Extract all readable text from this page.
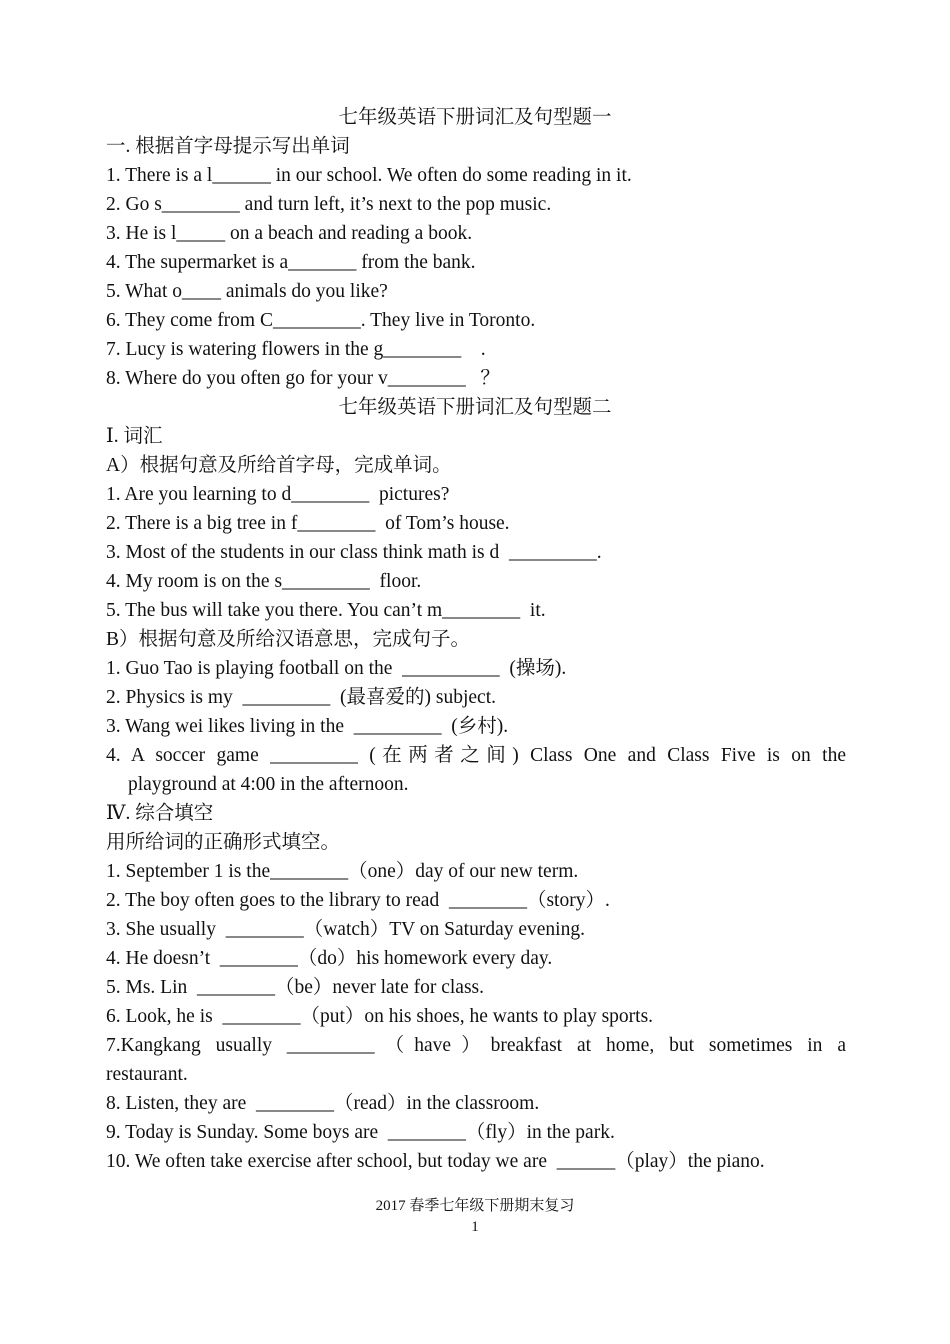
七年级英语下册词汇及句型题一
一. 根据首字母提示写出单词
1. There is a l______ in our school. We often do some reading in it.
2. Go s________ and turn left, it’s next to the pop music.
3. He is l_____ on a beach and reading a book.
4. The supermarket is a_______ from the bank.
5. What o____ animals do you like?
6. They come from C_________. They live in Toronto.
7. Lucy is watering flowers in the g________    .
8. Where do you often go for your v________   ？
七年级英语下册词汇及句型题二
Ⅰ. 词汇
A）根据句意及所给首字母，完成单词。
1. Are you learning to d________  pictures?
2. There is a big tree in f________  of Tom’s house.
3. Most of the students in our class think math is d  _________.
4. My room is on the s_________  floor.
5. The bus will take you there. You can’t m________  it.
B）根据句意及所给汉语意思，完成句子。
1. Guo Tao is playing football on the  __________  (操场).
2. Physics is my  _________  (最喜爱的) subject.
3. Wang wei likes living in the  _________  (乡村).
4. A soccer game _________ (在两者之间) Class One and Class Five is on the
playground at 4:00 in the afternoon.
Ⅳ. 综合填空
用所给词的正确形式填空。
1. September 1 is the________（one）day of our new term.
2. The boy often goes to the library to read  ________（story）.
3. She usually  ________（watch）TV on Saturday evening.
4. He doesn’t  ________（do）his homework every day.
5. Ms. Lin  ________（be）never late for class.
6. Look, he is  ________（put）on his shoes, he wants to play sports.
7.Kangkang usually _________（have）breakfast at home, but sometimes in a
restaurant.
8. Listen, they are  ________（read）in the classroom.
9. Today is Sunday. Some boys are  ________（fly）in the park.
10. We often take exercise after school, but today we are  ______（play）the piano.
2017 春季七年级下册期末复习
1
